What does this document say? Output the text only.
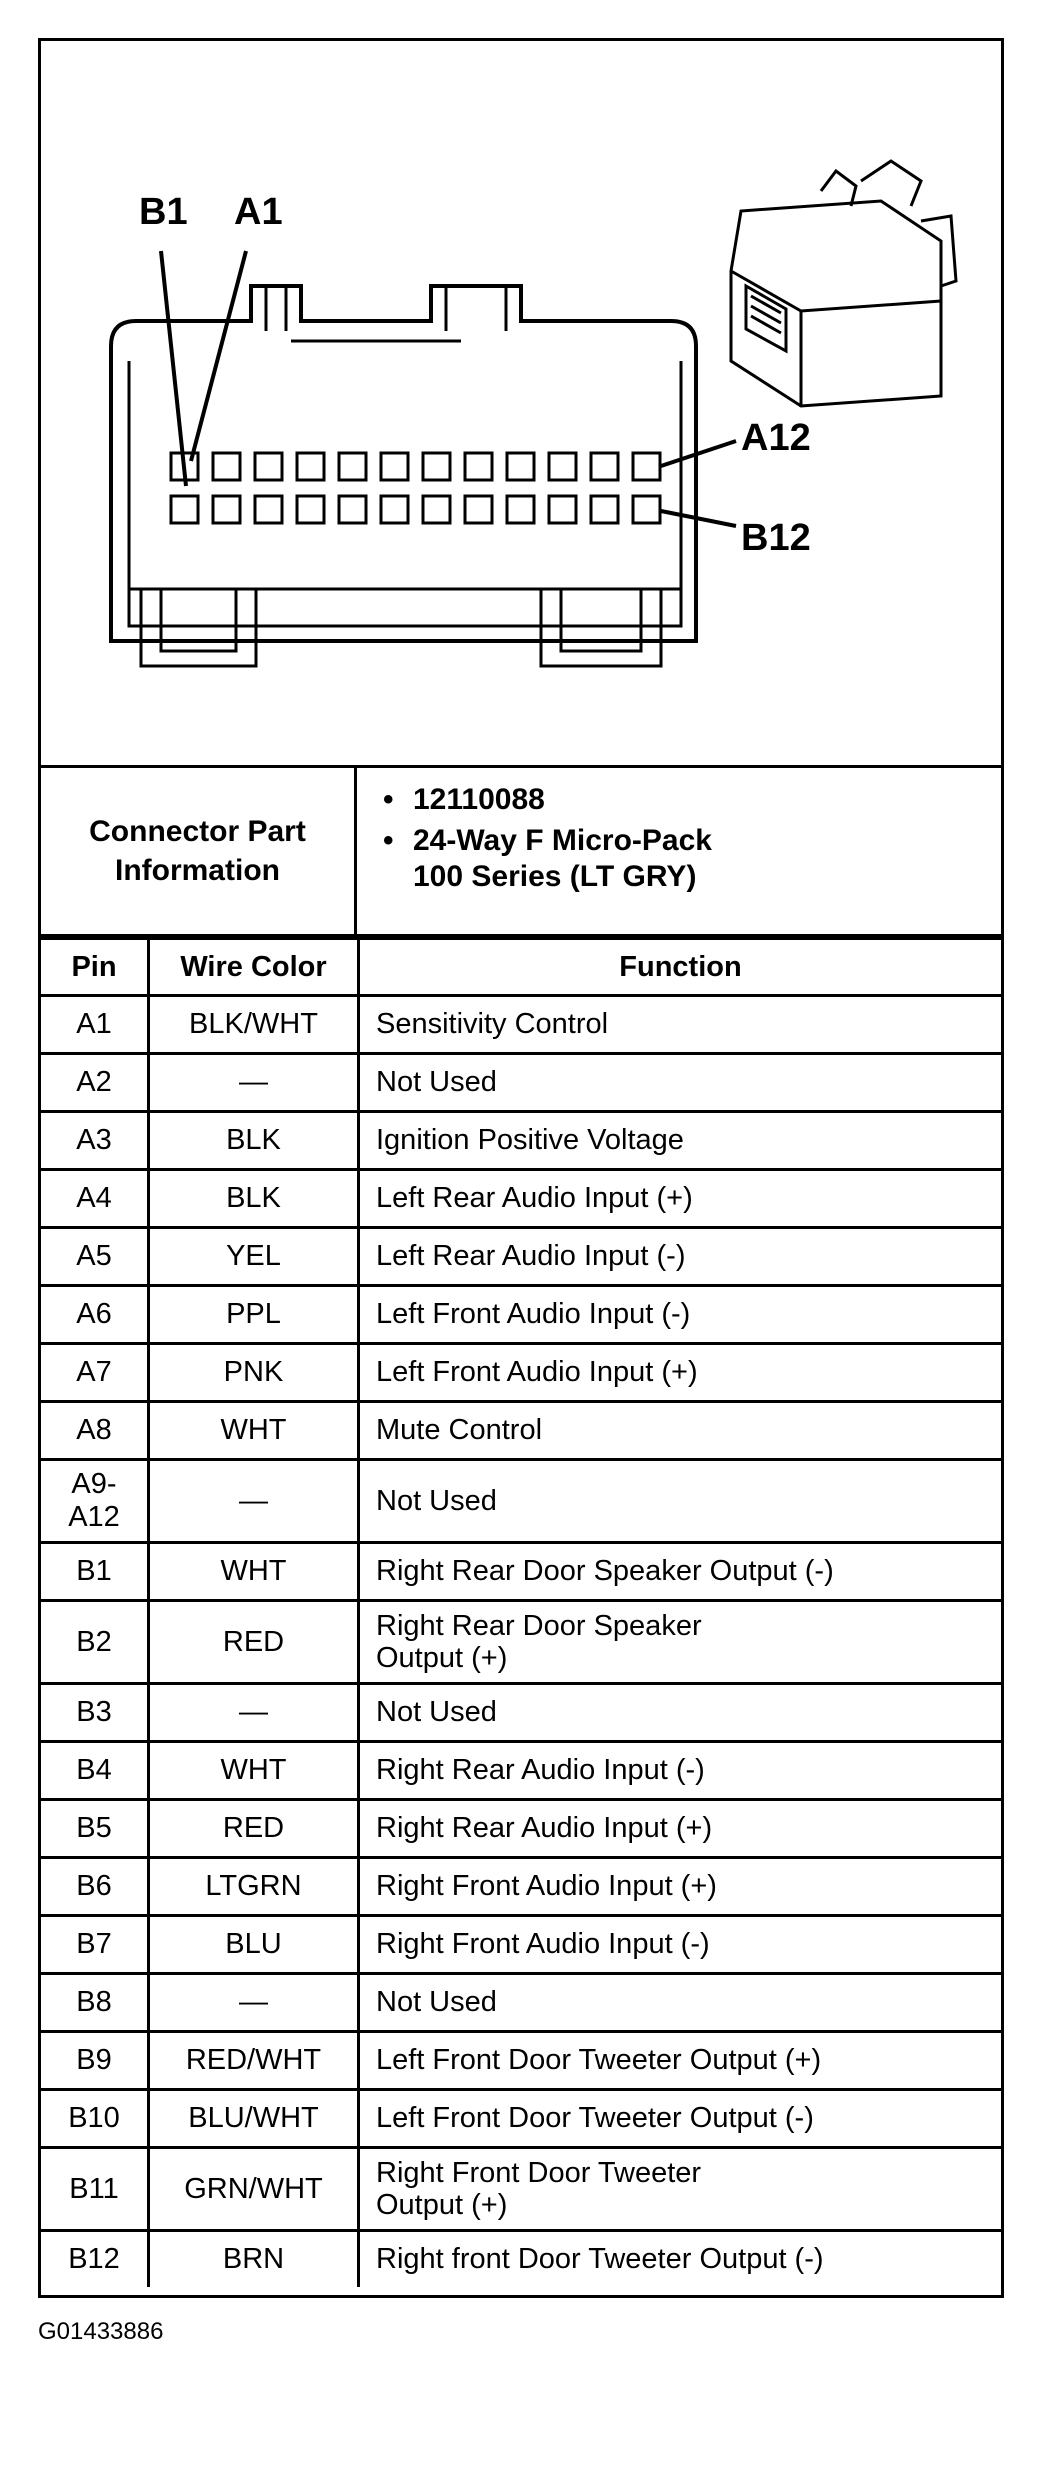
B1 A1
A12
B12
Connector Part
Information
• 12110088
• 24-Way F Micro-Pack
100 Series (LT GRY)
Pin	Wire Color	Function
A1	BLK/WHT	Sensitivity Control
A2	—	Not Used
A3	BLK	Ignition Positive Voltage
A4	BLK	Left Rear Audio Input (+)
A5	YEL	Left Rear Audio Input (-)
A6	PPL	Left Front Audio Input (-)
A7	PNK	Left Front Audio Input (+)
A8	WHT	Mute Control
A9-
A12	—	Not Used
B1	WHT	Right Rear Door Speaker Output (-)
B2	RED	Right Rear Door Speaker
Output (+)
B3	—	Not Used
B4	WHT	Right Rear Audio Input (-)
B5	RED	Right Rear Audio Input (+)
B6	LTGRN	Right Front Audio Input (+)
B7	BLU	Right Front Audio Input (-)
B8	—	Not Used
B9	RED/WHT	Left Front Door Tweeter Output (+)
B10	BLU/WHT	Left Front Door Tweeter Output (-)
B11	GRN/WHT	Right Front Door Tweeter
Output (+)
B12	BRN	Right front Door Tweeter Output (-)
G01433886
